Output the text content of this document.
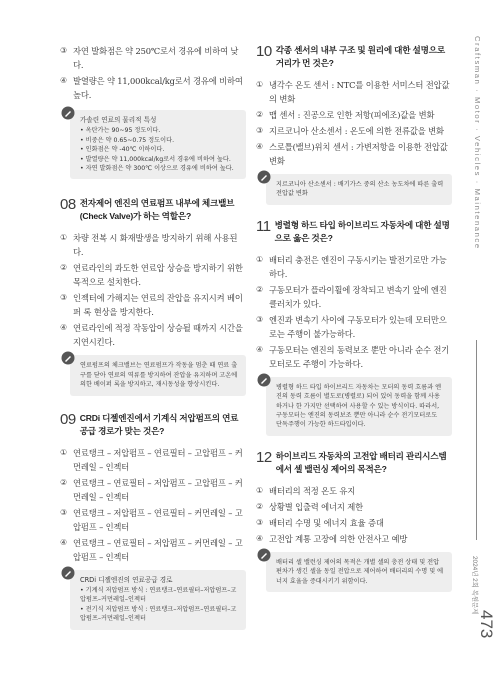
③ 자연 발화점은 약 250℃로서 경유에 비하여 낮다.
④ 발열량은 약 11,000kcal/kg로서 경유에 비하여 높다.
가솔린 연료의 물리적 특성
• 옥탄가는 90~95 정도이다.
• 비중은 약 0.65~0.75 정도이다.
• 인화점은 약 -40℃ 이하이다.
• 발열량은 약 11,000kcal/kg로서 경유에 비하여 높다.
• 자연 발화점은 약 300℃ 이상으로 경유에 비하여 높다.
08 전자제어 엔진의 연료펌프 내부에 체크밸브(Check Valve)가 하는 역할은?
① 차량 전복 시 화재발생을 방지하기 위해 사용된다.
② 연료라인의 과도한 연료압 상승을 방지하기 위한 목적으로 설치한다.
③ 인젝터에 가해지는 연료의 잔압을 유지시켜 베이퍼 록 현상을 방지한다.
④ 연료라인에 적정 작동압이 상승될 때까지 시간을 지연시킨다.
연료펌프의 체크밸브는 연료펌프가 작동을 멈춘 때 연료 출구를 닫아 연료의 역류를 방지하여 잔압을 유지하며 고온에 의한 베이퍼 록을 방지하고, 재시동성을 향상시킨다.
09 CRDi 디젤엔진에서 기계식 저압펌프의 연료공급 경로가 맞는 것은?
① 연료탱크 – 저압펌프 – 연료필터 – 고압펌프 – 커먼레일 – 인젝터
② 연료탱크 – 연료필터 – 저압펌프 – 고압펌프 – 커먼레일 – 인젝터
③ 연료탱크 – 저압펌프 – 연료필터 – 커먼레일 – 고압펌프 – 인젝터
④ 연료탱크 – 연료필터 – 저압펌프 – 커먼레일 – 고압펌프 – 인젝터
CRDi 디젤엔진의 연료공급 경로
• 기계식 저압펌프 방식 : 연료탱크–연료필터–저압펌프–고압펌프–커먼레일–인젝터
• 전기식 저압펌프 방식 : 연료탱크–저압펌프–연료필터–고압펌프–커먼레일–인젝터
10 각종 센서의 내부 구조 및 원리에 대한 설명으로 거리가 먼 것은?
① 냉각수 온도 센서 : NTC를 이용한 서미스터 전압값의 변화
② 맵 센서 : 진공으로 인한 저항(피에조)값을 변화
③ 지르코니아 산소센서 : 온도에 의한 전류값을 변화
④ 스로틀(밸브)위치 센서 : 가변저항을 이용한 전압값 변화
지르코니아 산소센서 : 배기가스 중의 산소 농도차에 따른 출력 전압값 변화
11 병렬형 하드 타입 하이브리드 자동차에 대한 설명으로 옳은 것은?
① 배터리 충전은 엔진이 구동시키는 발전기로만 가능하다.
② 구동모터가 플라이휠에 장착되고 변속기 앞에 엔진 클러치가 있다.
③ 엔진과 변속기 사이에 구동모터가 있는데 모터만으로는 주행이 불가능하다.
④ 구동모터는 엔진의 동력보조 뿐만 아니라 순수 전기모터로도 주행이 가능하다.
병렬형 하드 타입 하이브리드 자동차는 모터의 동력 흐름과 엔진의 동력 흐름이 별도로(병렬로) 되어 있어 동력을 함께 사용하거나 한 가지만 선택하여 사용할 수 있는 방식이다. 따라서, 구동모터는 엔진의 동력보조 뿐만 아니라 순수 전기모터로도 단독주행이 가능한 하드타입이다.
12 하이브리드 자동차의 고전압 배터리 관리시스템에서 셀 밸런싱 제어의 목적은?
① 배터리의 적정 온도 유지
② 상황별 입출력 에너지 제한
③ 배터리 수명 및 에너지 효율 증대
④ 고전압 계통 고장에 의한 안전사고 예방
배터리 셀 밸런싱 제어의 목적은 개별 셀의 충전 상태 및 전압 편차가 생긴 셀을 동일 전압으로 제어하여 배터리의 수명 및 에너지 효율을 증대시키기 위함이다.
Craftsman · Motor · Vehicles · Maintenance
2024년 2회 복원문제
473
